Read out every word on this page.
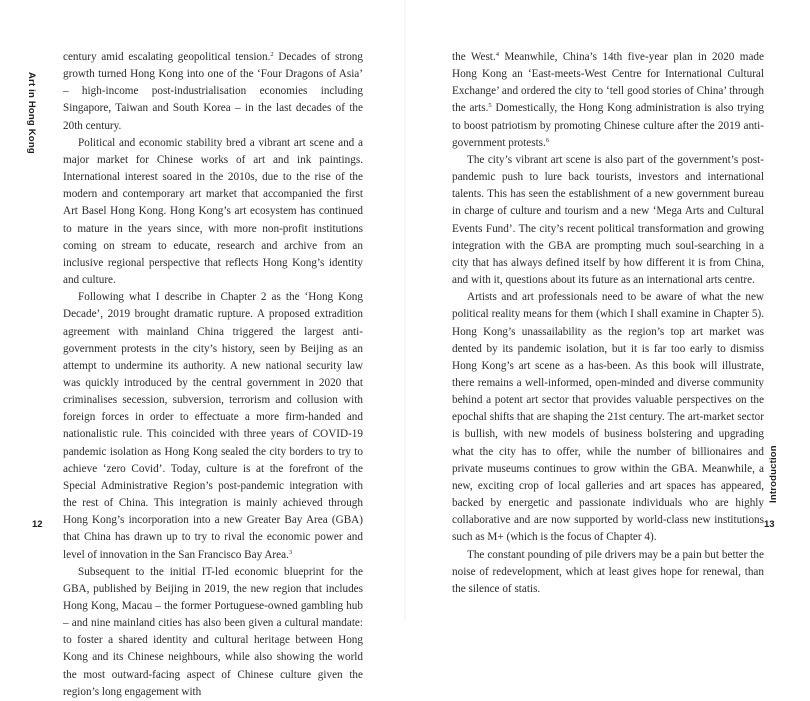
Art in Hong Kong

century amid escalating geopolitical tension.$^2$ Decades of strong growth turned Hong Kong into one of the ‘Four Dragons of Asia’ – high-income post-industrialisation economies including Singapore, Taiwan and South Korea – in the last decades of the 20th century.

Political and economic stability bred a vibrant art scene and a major market for Chinese works of art and ink paintings. International interest soared in the 2010s, due to the rise of the modern and contemporary art market that accompanied the first Art Basel Hong Kong. Hong Kong’s art ecosystem has continued to mature in the years since, with more non-profit institutions coming on stream to educate, research and archive from an inclusive regional perspective that reflects Hong Kong’s identity and culture.

Following what I describe in Chapter 2 as the ‘Hong Kong Decade’, 2019 brought dramatic rupture. A proposed extradition agreement with mainland China triggered the largest anti-government protests in the city’s history, seen by Beijing as an attempt to undermine its authority. A new national security law was quickly introduced by the central government in 2020 that criminalises secession, subversion, terrorism and collusion with foreign forces in order to effectuate a more firm-handed and nationalistic rule. This coincided with three years of COVID-19 pandemic isolation as Hong Kong sealed the city borders to try to achieve ‘zero Covid’. Today, culture is at the forefront of the Special Administrative Region’s post-pandemic integration with the rest of China. This integration is mainly achieved through Hong Kong’s incorporation into a new Greater Bay Area (GBA) that China has drawn up to try to rival the economic power and level of innovation in the San Francisco Bay Area.$^3$

Subsequent to the initial IT-led economic blueprint for the GBA, published by Beijing in 2019, the new region that includes Hong Kong, Macau – the former Portuguese-owned gambling hub – and nine mainland cities has also been given a cultural mandate: to foster a shared identity and cultural heritage between Hong Kong and its Chinese neighbours, while also showing the world the most outward-facing aspect of Chinese culture given the region’s long engagement with

12

the West.$^4$ Meanwhile, China’s 14th five-year plan in 2020 made Hong Kong an ‘East-meets-West Centre for International Cultural Exchange’ and ordered the city to ‘tell good stories of China’ through the arts.$^5$ Domestically, the Hong Kong administration is also trying to boost patriotism by promoting Chinese culture after the 2019 anti-government protests.$^6$

The city’s vibrant art scene is also part of the government’s post-pandemic push to lure back tourists, investors and international talents. This has seen the establishment of a new government bureau in charge of culture and tourism and a new ‘Mega Arts and Cultural Events Fund’. The city’s recent political transformation and growing integration with the GBA are prompting much soul-searching in a city that has always defined itself by how different it is from China, and with it, questions about its future as an international arts centre.

Artists and art professionals need to be aware of what the new political reality means for them (which I shall examine in Chapter 5). Hong Kong’s unassailability as the region’s top art market was dented by its pandemic isolation, but it is far too early to dismiss Hong Kong’s art scene as a has-been. As this book will illustrate, there remains a well-informed, open-minded and diverse community behind a potent art sector that provides valuable perspectives on the epochal shifts that are shaping the 21st century. The art-market sector is bullish, with new models of business bolstering and upgrading what the city has to offer, while the number of billionaires and private museums continues to grow within the GBA. Meanwhile, a new, exciting crop of local galleries and art spaces has appeared, backed by energetic and passionate individuals who are highly collaborative and are now supported by world-class new institutions such as M+ (which is the focus of Chapter 4).

The constant pounding of pile drivers may be a pain but better the noise of redevelopment, which at least gives hope for renewal, than the silence of statis.

Introduction
13
